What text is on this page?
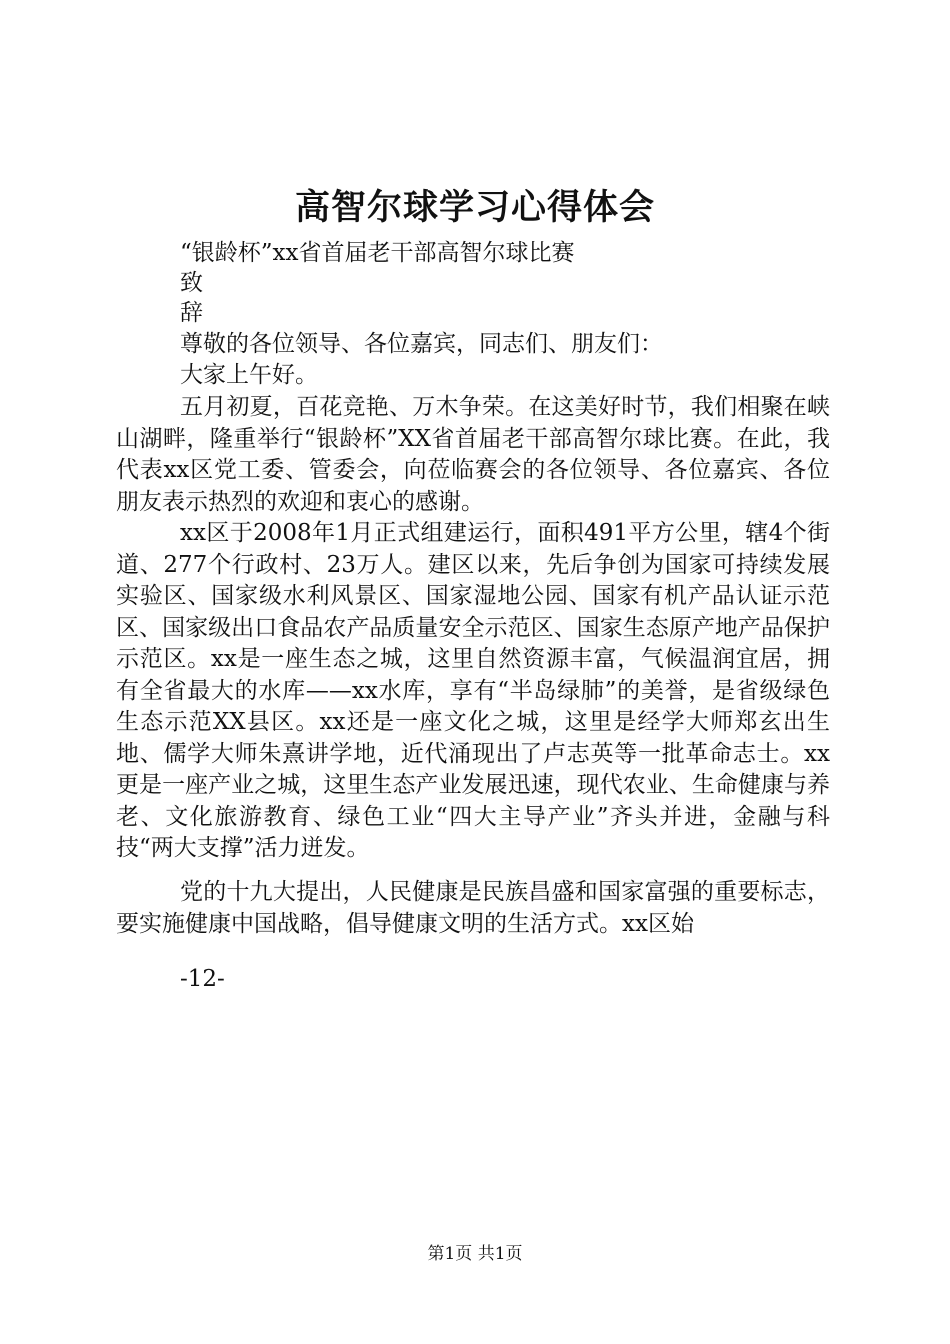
高智尔球学习心得体会
“银龄杯”xx省首届老干部高智尔球比赛
致
辞
尊敬的各位领导、各位嘉宾，同志们、朋友们：
大家上午好。

五月初夏，百花竞艳、万木争荣。在这美好时节，我们相聚在峡山湖畔，隆重举行“银龄杯”XX省首届老干部高智尔球比赛。在此，我代表xx区党工委、管委会，向莅临赛会的各位领导、各位嘉宾、各位朋友表示热烈的欢迎和衷心的感谢。

xx区于2008年1月正式组建运行，面积491平方公里，辖4个街道、277个行政村、23万人。建区以来，先后争创为国家可持续发展实验区、国家级水利风景区、国家湿地公园、国家有机产品认证示范区、国家级出口食品农产品质量安全示范区、国家生态原产地产品保护示范区。xx是一座生态之城，这里自然资源丰富，气候温润宜居，拥有全省最大的水库——xx水库，享有“半岛绿肺”的美誉，是省级绿色生态示范XX县区。xx还是一座文化之城，这里是经学大师郑玄出生地、儒学大师朱熹讲学地，近代涌现出了卢志英等一批革命志士。xx更是一座产业之城，这里生态产业发展迅速，现代农业、生命健康与养老、文化旅游教育、绿色工业“四大主导产业”齐头并进，金融与科技“两大支撑”活力迸发。

党的十九大提出，人民健康是民族昌盛和国家富强的重要标志，要实施健康中国战略，倡导健康文明的生活方式。xx区始

-12-
第1页 共1页
